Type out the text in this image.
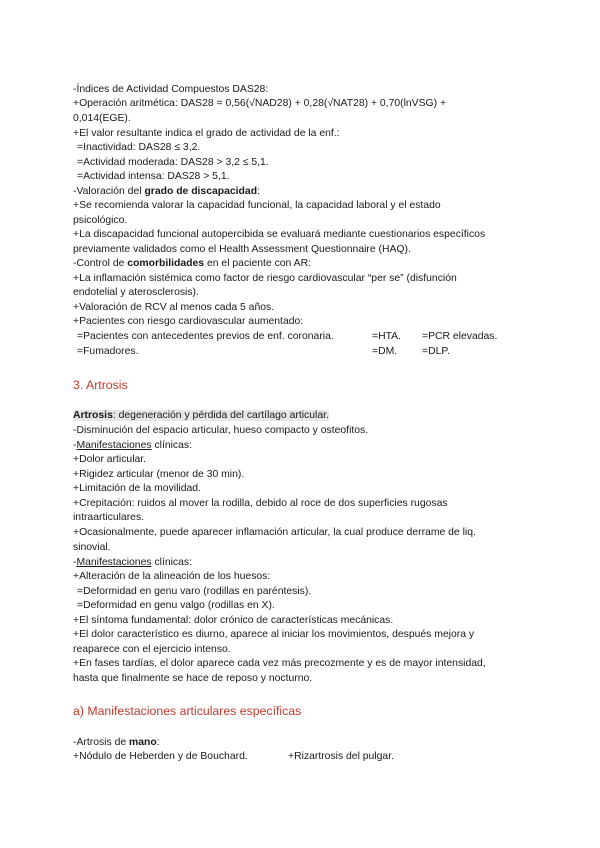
-Índices de Actividad Compuestos DAS28:
+Operación aritmética: DAS28 = 0,56(√NAD28) + 0,28(√NAT28) + 0,70(lnVSG) +
0,014(EGE).
+El valor resultante indica el grado de actividad de la enf.:
=Inactividad: DAS28 ≤ 3,2.
=Actividad moderada: DAS28 > 3,2 ≤ 5,1.
=Actividad intensa: DAS28 > 5,1.
-Valoración del grado de discapacidad:
+Se recomienda valorar la capacidad funcional, la capacidad laboral y el estado
psicológico.
+La discapacidad funcional autopercibida se evaluará mediante cuestionarios específicos
previamente validados como el Health Assessment Questionnaire (HAQ).
-Control de comorbilidades en el paciente con AR:
+La inflamación sistémica como factor de riesgo cardiovascular “per se” (disfunción
endotelial y aterosclerosis).
+Valoración de RCV al menos cada 5 años.
+Pacientes con riesgo cardiovascular aumentado:
=Pacientes con antecedentes previos de enf. coronaria.	=HTA. =PCR elevadas.
=Fumadores.	=DM. =DLP.
3. Artrosis
Artrosis: degeneración y pérdida del cartílago articular.
-Disminución del espacio articular, hueso compacto y osteofitos.
-Manifestaciones clínicas:
+Dolor articular.
+Rigidez articular (menor de 30 min).
+Limitación de la movilidad.
+Crepitación: ruidos al mover la rodilla, debido al roce de dos superficies rugosas
intraarticulares.
+Ocasionalmente, puede aparecer inflamación articular, la cual produce derrame de liq.
sinovial.
-Manifestaciones clínicas:
+Alteración de la alineación de los huesos:
=Deformidad en genu varo (rodillas en paréntesis).
=Deformidad en genu valgo (rodillas en X).
+El síntoma fundamental: dolor crónico de características mecánicas.
+El dolor característico es diurno, aparece al iniciar los movimientos, después mejora y
reaparece con el ejercicio intenso.
+En fases tardías, el dolor aparece cada vez más precozmente y es de mayor intensidad,
hasta que finalmente se hace de reposo y nocturno.
a) Manifestaciones articulares específicas
-Artrosis de mano:
+Nódulo de Heberden y de Bouchard.	+Rizartrosis del pulgar.
